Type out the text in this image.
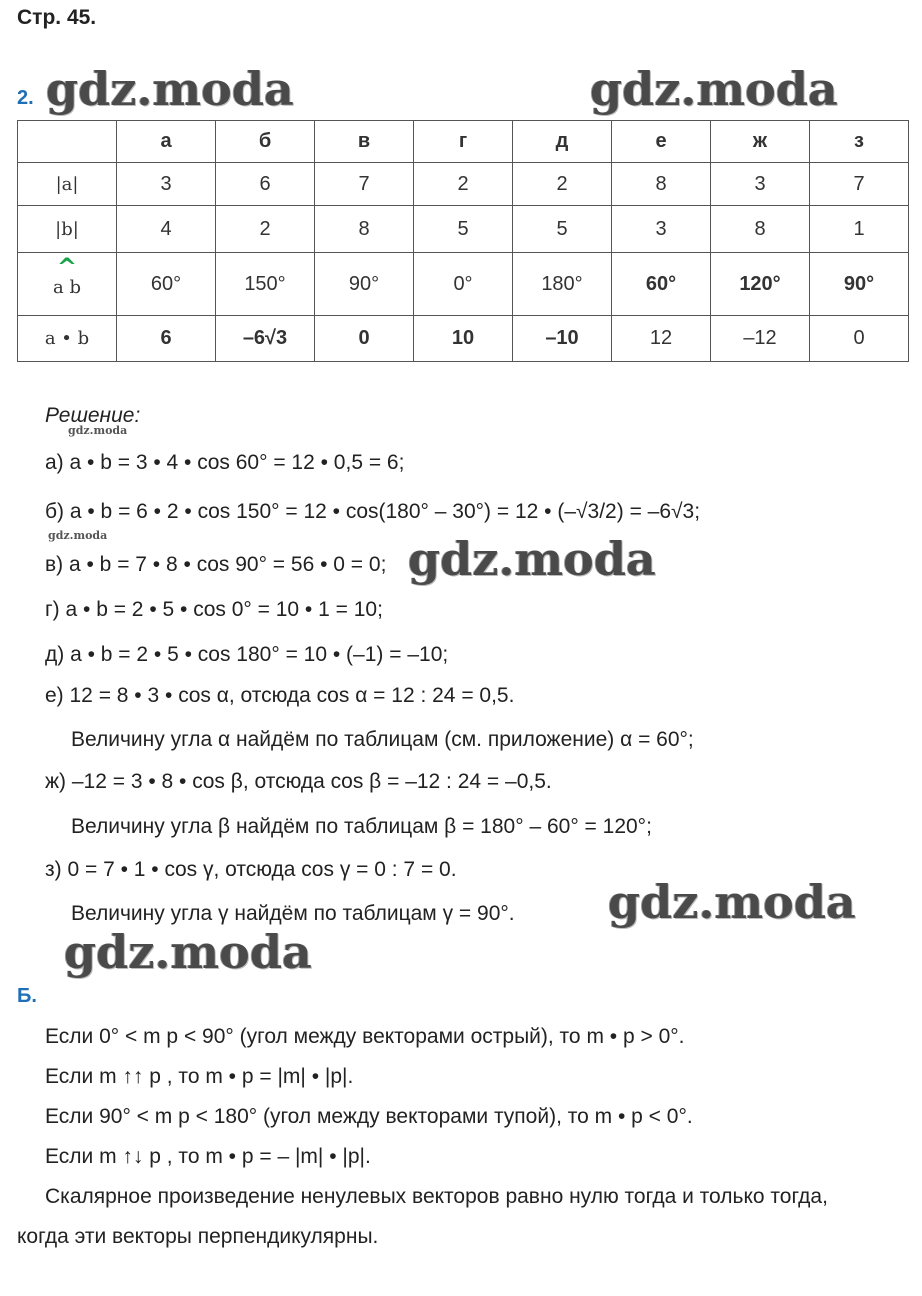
Стр. 45.
2. gdz.moda	gdz.moda
gdz.moda
gdz.moda
gdz.moda
gdz.moda
gdz.moda
	а	б	в	г	д	е	ж	з
|a|	3	6	7	2	2	8	3	7
|b|	4	2	8	5	5	3	8	1
^ a b	60°	150°	90°	0°	180°	60°	120°	90°
a • b	6	–6√3	0	10	–10	12	–12	0
Решение:
а) a • b = 3 • 4 • cos 60° = 12 • 0,5 = 6;
б) a • b = 6 • 2 • cos 150° = 12 • cos(180° – 30°) = 12 • (–√3/2) = –6√3;
в) a • b = 7 • 8 • cos 90° = 56 • 0 = 0;
г) a • b = 2 • 5 • cos 0° = 10 • 1 = 10;
д) a • b = 2 • 5 • cos 180° = 10 • (–1) = –10;
е) 12 = 8 • 3 • cos α, отсюда cos α = 12 : 24 = 0,5.
Величину угла α найдём по таблицам (см. приложение) α = 60°;
ж) –12 = 3 • 8 • cos β, отсюда cos β = –12 : 24 = –0,5.
Величину угла β найдём по таблицам β = 180° – 60° = 120°;
з) 0 = 7 • 1 • cos γ, отсюда cos γ = 0 : 7 = 0.
Величину угла γ найдём по таблицам γ = 90°.
Б.
Если 0° < m p < 90° (угол между векторами острый), то m • p > 0°.
Если m ↑↑ p , то m • p = |m| • |p|.
Если 90° < m p < 180° (угол между векторами тупой), то m • p < 0°.
Если m ↑↓ p , то m • p = – |m| • |p|.
Скалярное произведение ненулевых векторов равно нулю тогда и только тогда,
когда эти векторы перпендикулярны.
